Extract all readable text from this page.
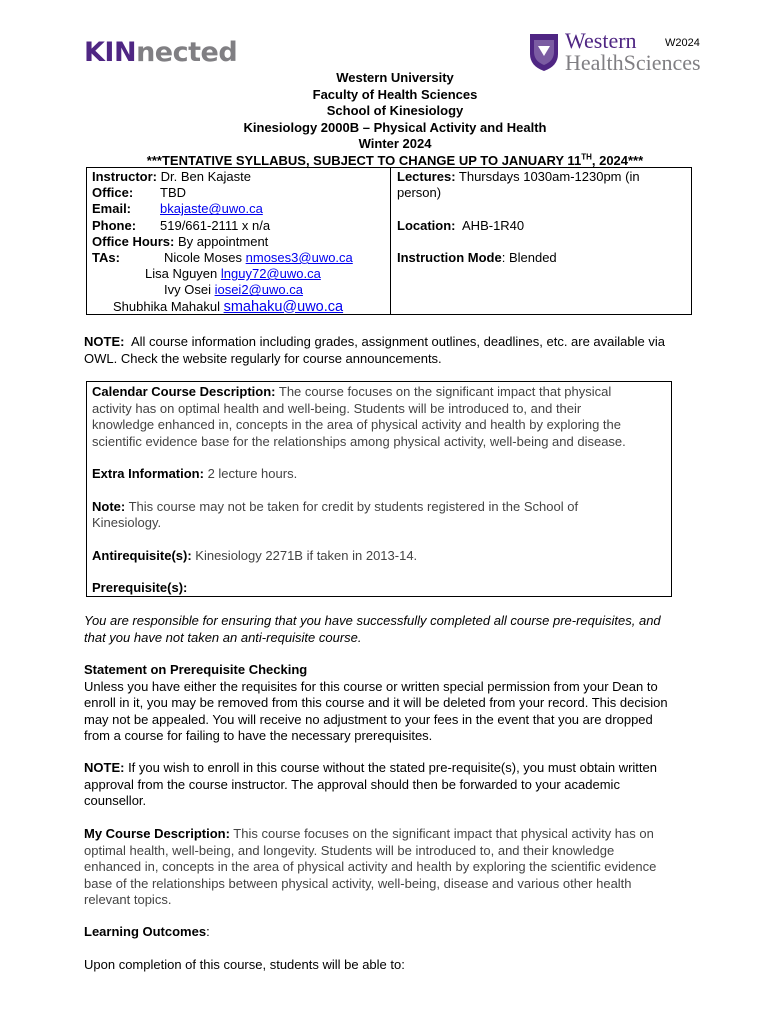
KINnected	Western
HealthSciences
W2024
Western University
Faculty of Health Sciences
School of Kinesiology
Kinesiology 2000B – Physical Activity and Health
Winter 2024
***TENTATIVE SYLLABUS, SUBJECT TO CHANGE UP TO JANUARY 11TH, 2024***
Instructor: Dr. Ben Kajaste
Office:	TBD
Email:	bkajaste@uwo.ca
Phone:	519/661-2111 x n/a
Office Hours: By appointment
TAs:	Nicole Moses nmoses3@uwo.ca
Lisa Nguyen lnguy72@uwo.ca
Ivy Osei iosei2@uwo.ca
Shubhika Mahakul smahaku@uwo.ca
Lectures: Thursdays 1030am-1230pm (in
person)
Location: AHB-1R40
Instruction Mode : Blended
NOTE:  All course information including grades, assignment outlines, deadlines, etc. are available via
OWL. Check the website regularly for course announcements.
Calendar Course Description: The course focuses on the significant impact that physical
activity has on optimal health and well-being. Students will be introduced to, and their
knowledge enhanced in, concepts in the area of physical activity and health by exploring the
scientific evidence base for the relationships among physical activity, well-being and disease.
Extra Information: 2 lecture hours.
Note: This course may not be taken for credit by students registered in the School of
Kinesiology.
Antirequisite(s): Kinesiology 2271B if taken in 2013-14.
Prerequisite(s):
You are responsible for ensuring that you have successfully completed all course pre-requisites, and
that you have not taken an anti-requisite course.
Statement on Prerequisite Checking
Unless you have either the requisites for this course or written special permission from your Dean to
enroll in it, you may be removed from this course and it will be deleted from your record. This decision
may not be appealed. You will receive no adjustment to your fees in the event that you are dropped
from a course for failing to have the necessary prerequisites.
NOTE: If you wish to enroll in this course without the stated pre-requisite(s), you must obtain written
approval from the course instructor. The approval should then be forwarded to your academic
counsellor.
My Course Description: This course focuses on the significant impact that physical activity has on
optimal health, well-being, and longevity. Students will be introduced to, and their knowledge
enhanced in, concepts in the area of physical activity and health by exploring the scientific evidence
base of the relationships between physical activity, well-being, disease and various other health
relevant topics.
Learning Outcomes:
Upon completion of this course, students will be able to:
